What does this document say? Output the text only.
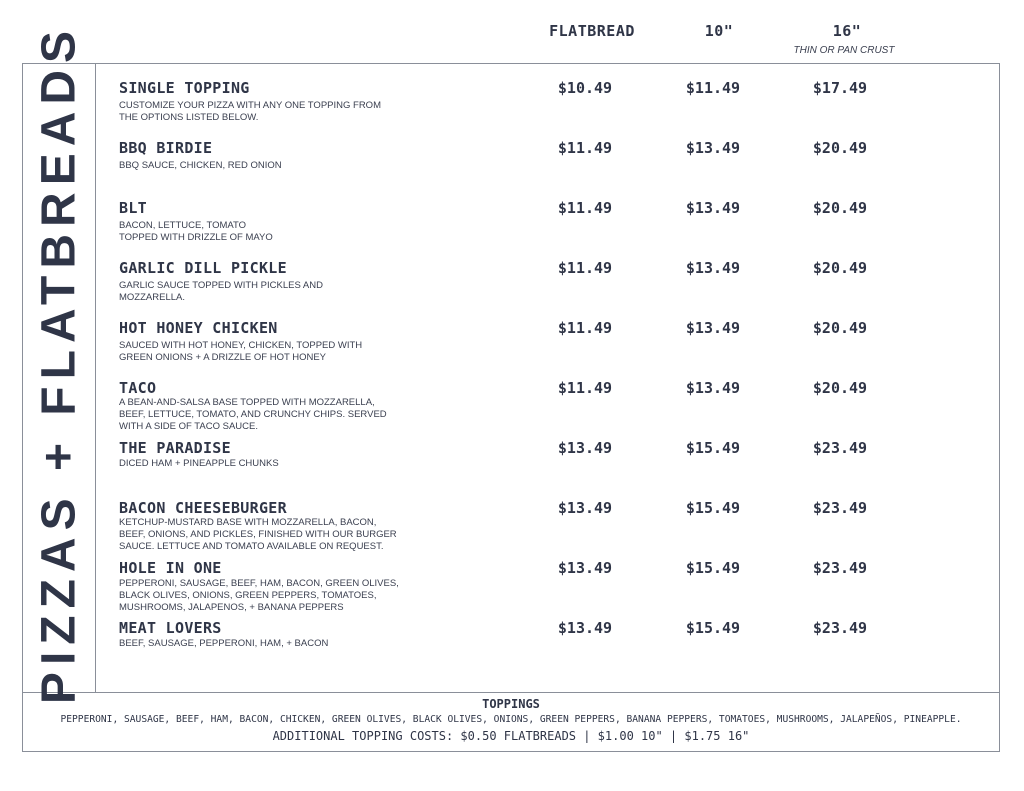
FLATBREAD	10"	16"
THIN OR PAN CRUST
PIZZAS + FLATBREADS SINGLE TOPPING
CUSTOMIZE YOUR PIZZA WITH ANY ONE TOPPING FROM
THE OPTIONS LISTED BELOW.
$10.49	$11.49	$17.49
BBQ BIRDIE
BBQ SAUCE, CHICKEN, RED ONION
$11.49	$13.49	$20.49
BLT
BACON, LETTUCE, TOMATO
TOPPED WITH DRIZZLE OF MAYO
$11.49	$13.49	$20.49
GARLIC DILL PICKLE
GARLIC SAUCE TOPPED WITH PICKLES AND
MOZZARELLA.
$11.49	$13.49	$20.49
HOT HONEY CHICKEN
SAUCED WITH HOT HONEY, CHICKEN, TOPPED WITH
GREEN ONIONS + A DRIZZLE OF HOT HONEY
$11.49	$13.49	$20.49
TACO
A BEAN-AND-SALSA BASE TOPPED WITH MOZZARELLA,
BEEF, LETTUCE, TOMATO, AND CRUNCHY CHIPS. SERVED
WITH A SIDE OF TACO SAUCE.
$11.49	$13.49	$20.49
THE PARADISE
DICED HAM + PINEAPPLE CHUNKS
$13.49	$15.49	$23.49
BACON CHEESEBURGER
KETCHUP-MUSTARD BASE WITH MOZZARELLA, BACON,
BEEF, ONIONS, AND PICKLES, FINISHED WITH OUR BURGER
SAUCE. LETTUCE AND TOMATO AVAILABLE ON REQUEST.
$13.49	$15.49	$23.49
HOLE IN ONE
PEPPERONI, SAUSAGE, BEEF, HAM, BACON, GREEN OLIVES,
BLACK OLIVES, ONIONS, GREEN PEPPERS, TOMATOES,
MUSHROOMS, JALAPENOS, + BANANA PEPPERS
$13.49	$15.49	$23.49
MEAT LOVERS
BEEF, SAUSAGE, PEPPERONI, HAM, + BACON
$13.49	$15.49	$23.49
TOPPINGS
PEPPERONI, SAUSAGE, BEEF, HAM, BACON, CHICKEN, GREEN OLIVES, BLACK OLIVES, ONIONS, GREEN PEPPERS, BANANA PEPPERS, TOMATOES, MUSHROOMS, JALAPEÑOS, PINEAPPLE.
ADDITIONAL TOPPING COSTS: $0.50 FLATBREADS | $1.00 10" | $1.75 16"
